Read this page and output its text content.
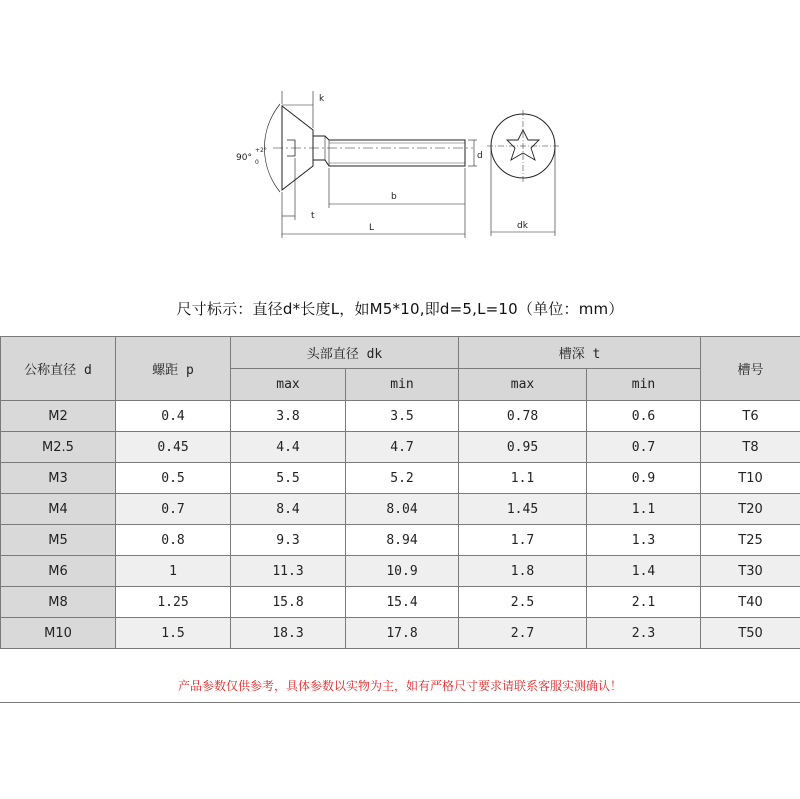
k
90°
+2°
0
d
b
t
L	dk
尺寸标示：直径d*长度L，如M5*10,即d=5,L=10（单位：mm）
公称直径 d	螺距 p	头部直径 dk		槽深 t		槽号
		max	min	max	min	
M2	0.4	3.8	3.5	0.78	0.6	T6
M2.5	0.45	4.4	4.7	0.95	0.7	T8
M3	0.5	5.5	5.2	1.1	0.9	T10
M4	0.7	8.4	8.04	1.45	1.1	T20
M5	0.8	9.3	8.94	1.7	1.3	T25
M6	1	11.3	10.9	1.8	1.4	T30
M8	1.25	15.8	15.4	2.5	2.1	T40
M10	1.5	18.3	17.8	2.7	2.3	T50
产品参数仅供参考，具体参数以实物为主，如有严格尺寸要求请联系客服实测确认！
